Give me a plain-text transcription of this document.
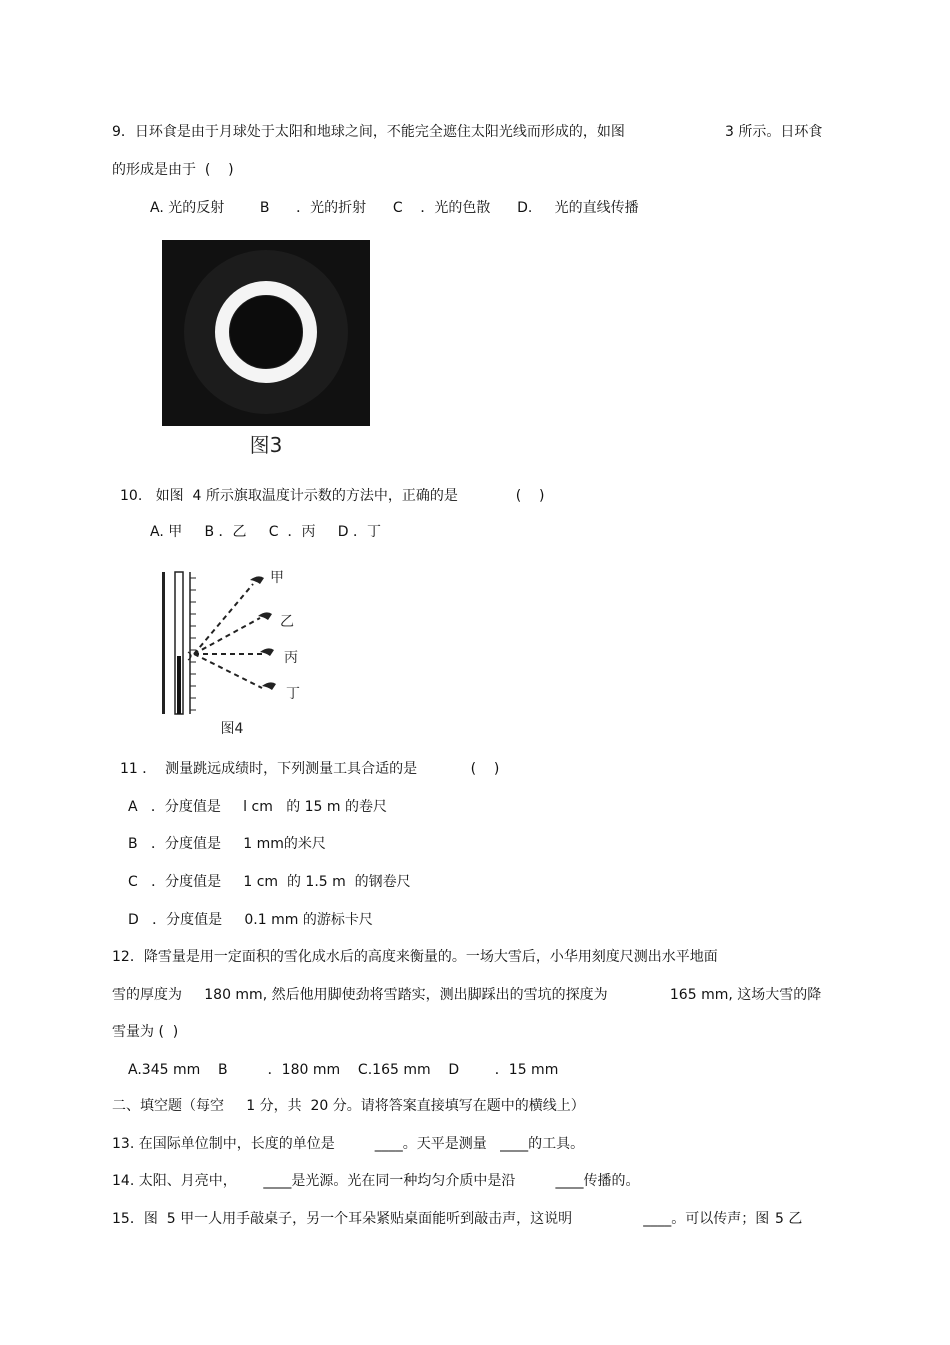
9．日环食是由于月球处于太阳和地球之间，不能完全遮住太阳光线而形成的，如图	3 所示。日环食
的形成是由于  (    )
A. 光的反射        B      ．光的折射      C    ．光的色散      D.     光的直线传播
图3
10.   如图  4 所示旗取温度计示数的方法中，正确的是             (    )
A. 甲     B ．乙     C  ．丙     D ．丁
甲
乙
丙
丁
图4
11 ．  测量跳远成绩时，下列测量工具合适的是            (    )
A   ．分度值是     l cm   的 15 m 的卷尺
B   ．分度值是     1 mm的米尺
C   ．分度值是     1 cm  的 1.5 m  的钢卷尺
D   ．分度值是     0.1 mm 的游标卡尺
12．降雪量是用一定面积的雪化成水后的高度来衡量的。一场大雪后，小华用刻度尺测出水平地面
雪的厚度为     180 mm, 然后他用脚使劲将雪踏实，测出脚踩出的雪坑的探度为              165 mm, 这场大雪的降
雪量为 (  )
A.345 mm    B         ．180 mm    C.165 mm    D        ．15 mm
二、填空题（每空     1 分，共  20 分。请将答案直接填写在题中的横线上）
13. 在国际单位制中，长度的单位是         ____。天平是测量   ____的工具。
14. 太阳、月亮中，      ____是光源。光在同一种均匀介质中是沿         ____传播的。
15．图  5 甲一人用手敲桌子，另一个耳朵紧贴桌面能听到敲击声，这说明                ____。可以传声；图 5 乙
